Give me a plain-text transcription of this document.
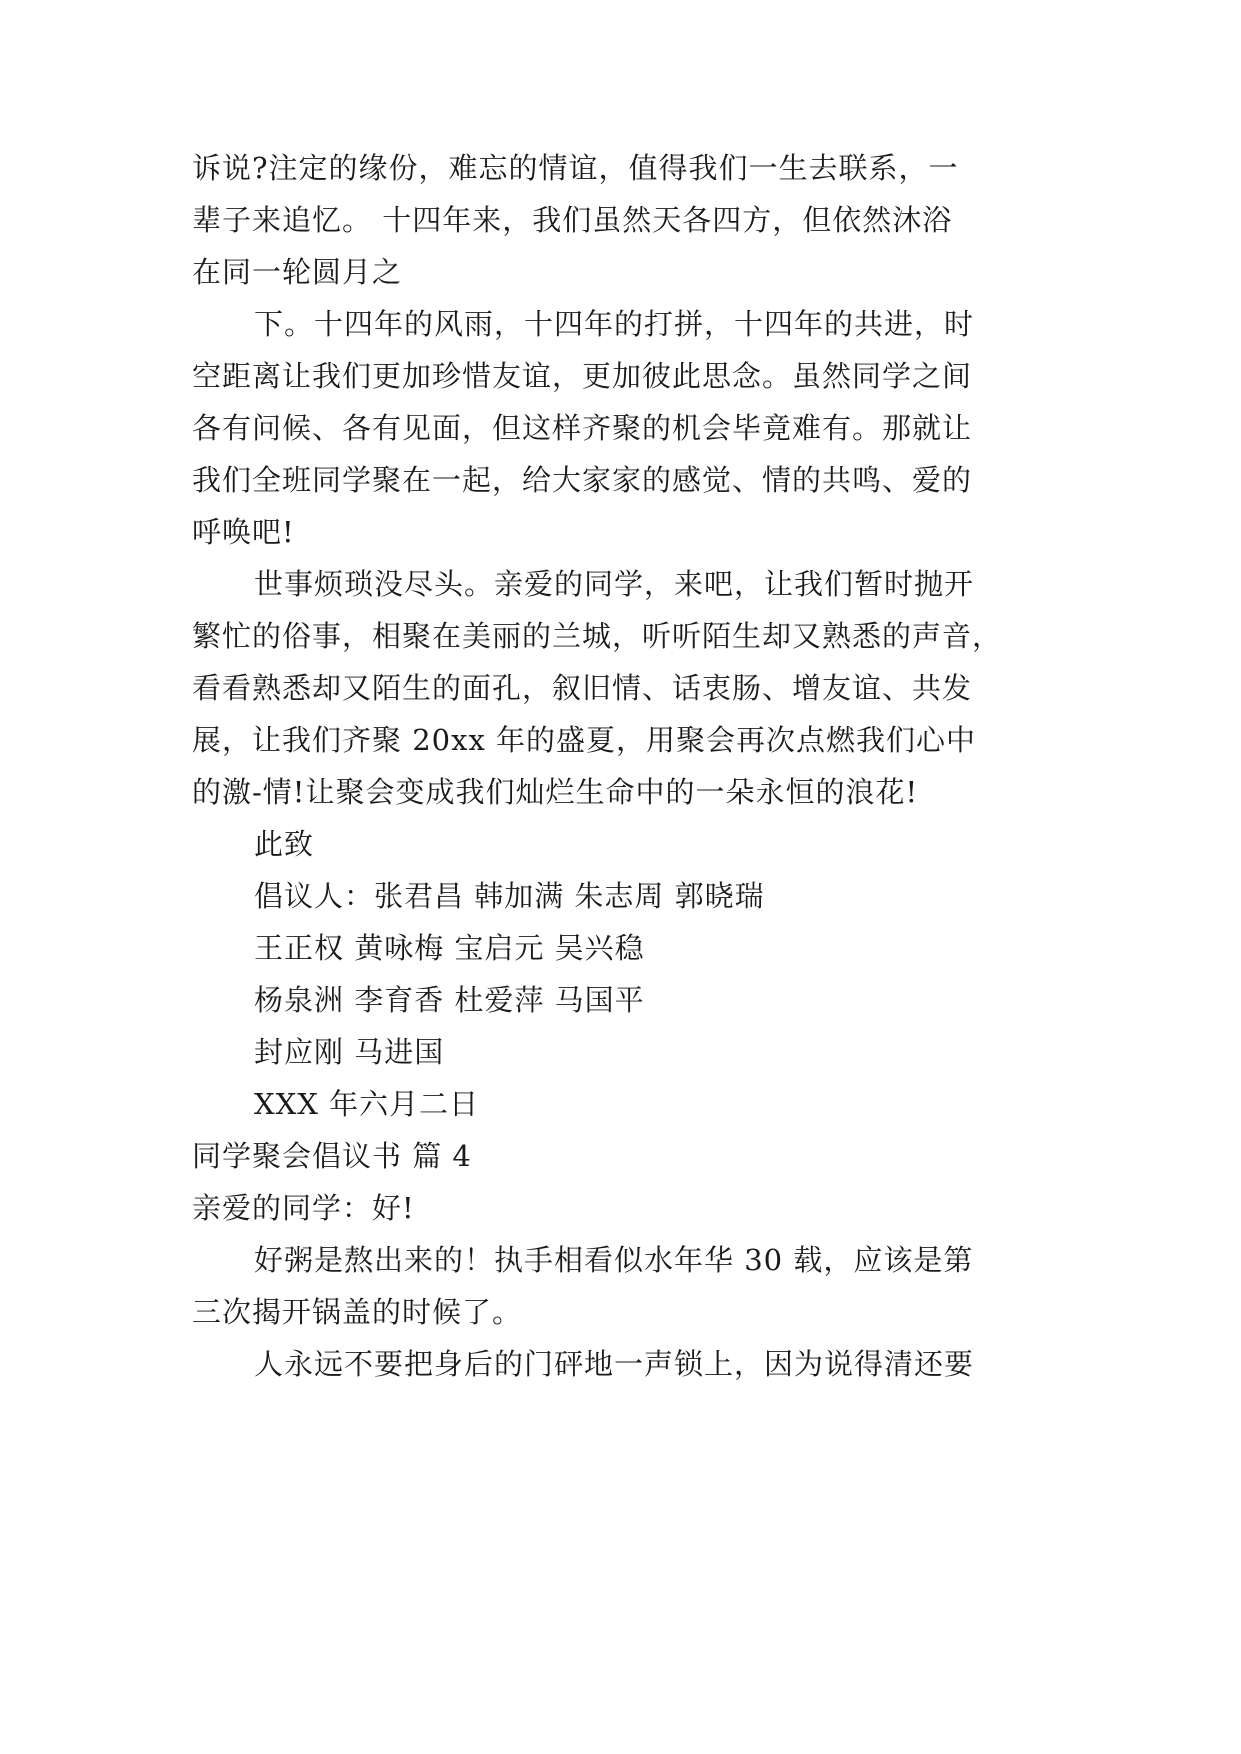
诉说?注定的缘份，难忘的情谊，值得我们一生去联系，一
辈子来追忆。 十四年来，我们虽然天各四方，但依然沐浴
在同一轮圆月之
下。十四年的风雨，十四年的打拼，十四年的共进，时
空距离让我们更加珍惜友谊，更加彼此思念。虽然同学之间
各有问候、各有见面，但这样齐聚的机会毕竟难有。那就让
我们全班同学聚在一起，给大家家的感觉、情的共鸣、爱的
呼唤吧!
世事烦琐没尽头。亲爱的同学，来吧，让我们暂时抛开
繁忙的俗事，相聚在美丽的兰城，听听陌生却又熟悉的声音，
看看熟悉却又陌生的面孔，叙旧情、话衷肠、增友谊、共发
展，让我们齐聚 20xx 年的盛夏，用聚会再次点燃我们心中
的激-情!让聚会变成我们灿烂生命中的一朵永恒的浪花!
此致
倡议人：张君昌 韩加满 朱志周 郭晓瑞
王正权 黄咏梅 宝启元 吴兴稳
杨泉洲 李育香 杜爱萍 马国平
封应刚 马进国
XXX 年六月二日
同学聚会倡议书 篇 4
亲爱的同学：好!
好粥是熬出来的！执手相看似水年华 30 载，应该是第
三次揭开锅盖的时候了。
人永远不要把身后的门砰地一声锁上，因为说得清还要
